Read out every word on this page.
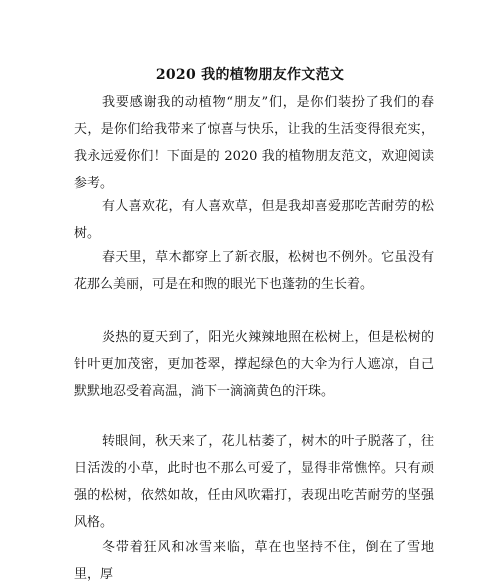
2020 我的植物朋友作文范文

我要感谢我的动植物“朋友”们，是你们装扮了我们的春天，是你们给我带来了惊喜与快乐，让我的生活变得很充实，我永远爱你们！下面是的 2020 我的植物朋友范文，欢迎阅读参考。

有人喜欢花，有人喜欢草，但是我却喜爱那吃苦耐劳的松树。

春天里，草木都穿上了新衣服，松树也不例外。它虽没有花那么美丽，可是在和煦的眼光下也蓬勃的生长着。

炎热的夏天到了，阳光火辣辣地照在松树上，但是松树的针叶更加茂密，更加苍翠，撑起绿色的大伞为行人遮凉，自己默默地忍受着高温，淌下一滴滴黄色的汗珠。

转眼间，秋天来了，花儿枯萎了，树木的叶子脱落了，往日活泼的小草，此时也不那么可爱了，显得非常憔悴。只有顽强的松树，依然如故，任由风吹霜打，表现出吃苦耐劳的坚强风格。

冬带着狂风和冰雪来临，草在也坚持不住，倒在了雪地里，厚
